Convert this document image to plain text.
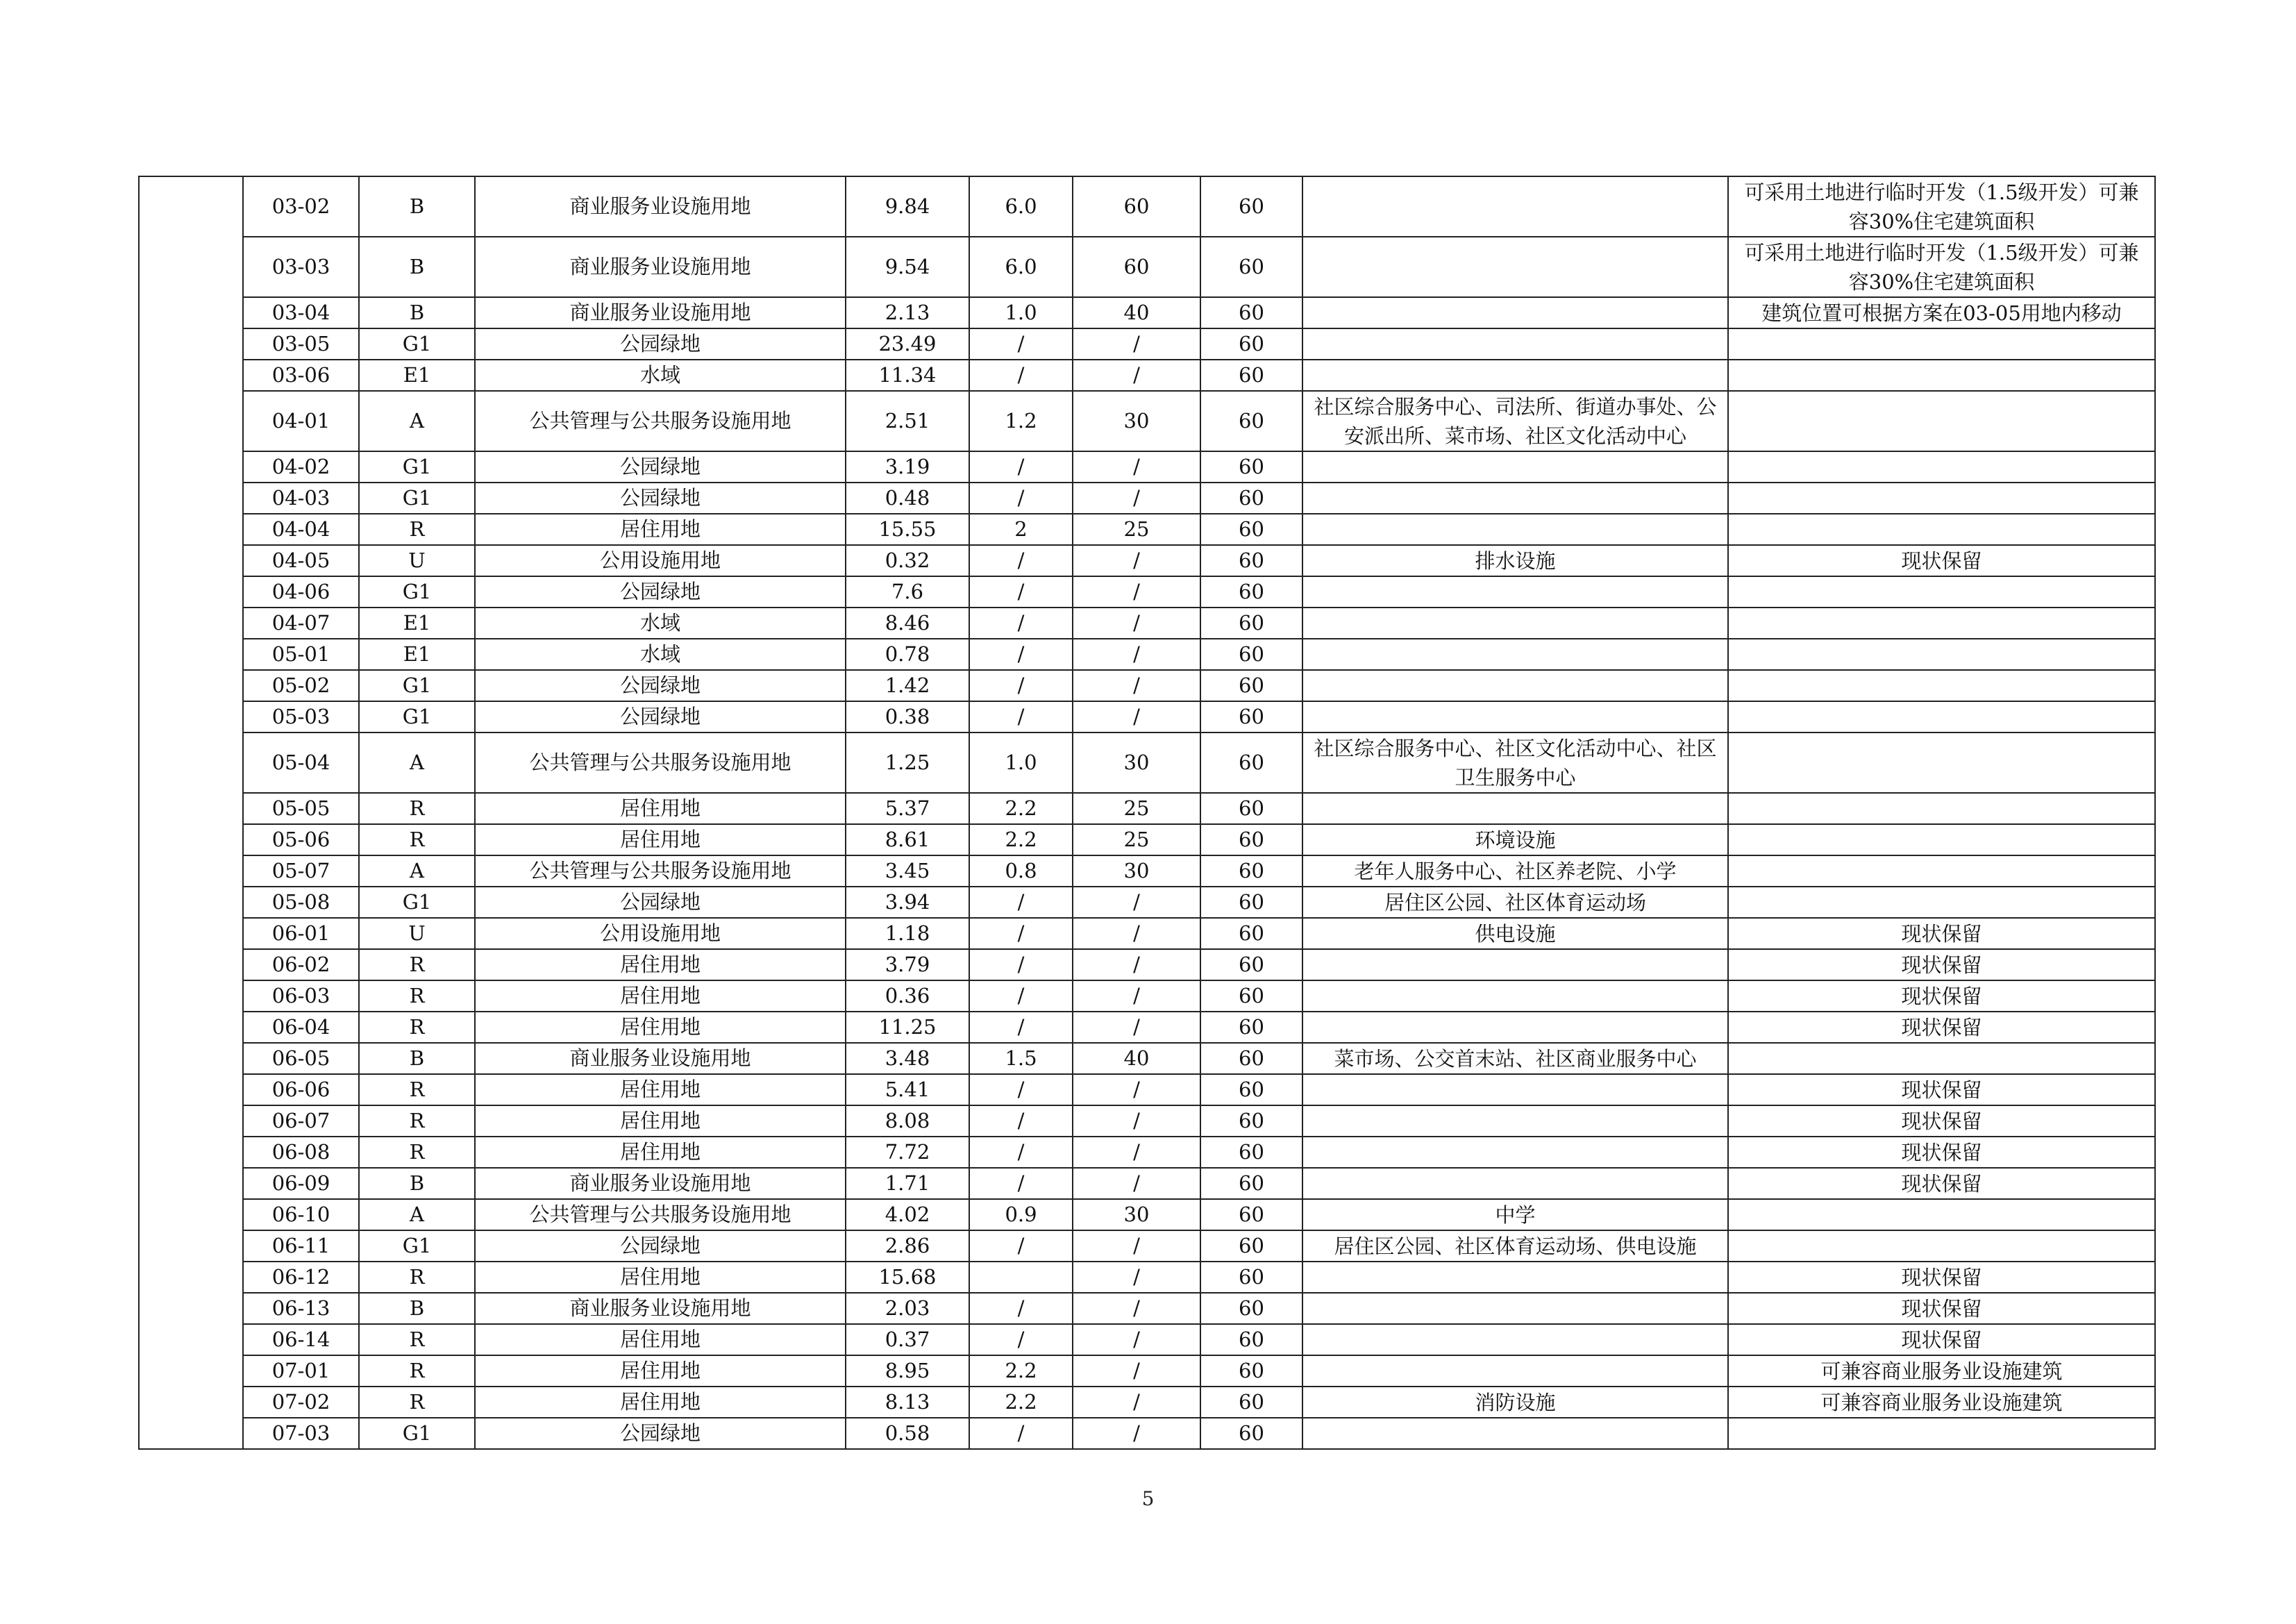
	03-02	B	商业服务业设施用地	9.84	6.0	60	60		可采用土地进行临时开发（1.5级开发）可兼容30%住宅建筑面积
	03-03	B	商业服务业设施用地	9.54	6.0	60	60		可采用土地进行临时开发（1.5级开发）可兼容30%住宅建筑面积
	03-04	B	商业服务业设施用地	2.13	1.0	40	60		建筑位置可根据方案在03-05用地内移动
	03-05	G1	公园绿地	23.49	/	/	60		
	03-06	E1	水域	11.34	/	/	60		
	04-01	A	公共管理与公共服务设施用地	2.51	1.2	30	60	社区综合服务中心、司法所、街道办事处、公安派出所、菜市场、社区文化活动中心	
	04-02	G1	公园绿地	3.19	/	/	60		
	04-03	G1	公园绿地	0.48	/	/	60		
	04-04	R	居住用地	15.55	2	25	60		
	04-05	U	公用设施用地	0.32	/	/	60	排水设施	现状保留
	04-06	G1	公园绿地	7.6	/	/	60		
	04-07	E1	水域	8.46	/	/	60		
	05-01	E1	水域	0.78	/	/	60		
	05-02	G1	公园绿地	1.42	/	/	60		
	05-03	G1	公园绿地	0.38	/	/	60		
	05-04	A	公共管理与公共服务设施用地	1.25	1.0	30	60	社区综合服务中心、社区文化活动中心、社区卫生服务中心	
	05-05	R	居住用地	5.37	2.2	25	60		
	05-06	R	居住用地	8.61	2.2	25	60	环境设施	
	05-07	A	公共管理与公共服务设施用地	3.45	0.8	30	60	老年人服务中心、社区养老院、小学	
	05-08	G1	公园绿地	3.94	/	/	60	居住区公园、社区体育运动场	
	06-01	U	公用设施用地	1.18	/	/	60	供电设施	现状保留
	06-02	R	居住用地	3.79	/	/	60		现状保留
	06-03	R	居住用地	0.36	/	/	60		现状保留
	06-04	R	居住用地	11.25	/	/	60		现状保留
	06-05	B	商业服务业设施用地	3.48	1.5	40	60	菜市场、公交首末站、社区商业服务中心	
	06-06	R	居住用地	5.41	/	/	60		现状保留
	06-07	R	居住用地	8.08	/	/	60		现状保留
	06-08	R	居住用地	7.72	/	/	60		现状保留
	06-09	B	商业服务业设施用地	1.71	/	/	60		现状保留
	06-10	A	公共管理与公共服务设施用地	4.02	0.9	30	60	中学	
	06-11	G1	公园绿地	2.86	/	/	60	居住区公园、社区体育运动场、供电设施	
	06-12	R	居住用地	15.68		/	60		现状保留
	06-13	B	商业服务业设施用地	2.03	/	/	60		现状保留
	06-14	R	居住用地	0.37	/	/	60		现状保留
	07-01	R	居住用地	8.95	2.2	/	60		可兼容商业服务业设施建筑
	07-02	R	居住用地	8.13	2.2	/	60	消防设施	可兼容商业服务业设施建筑
	07-03	G1	公园绿地	0.58	/	/	60		
5
